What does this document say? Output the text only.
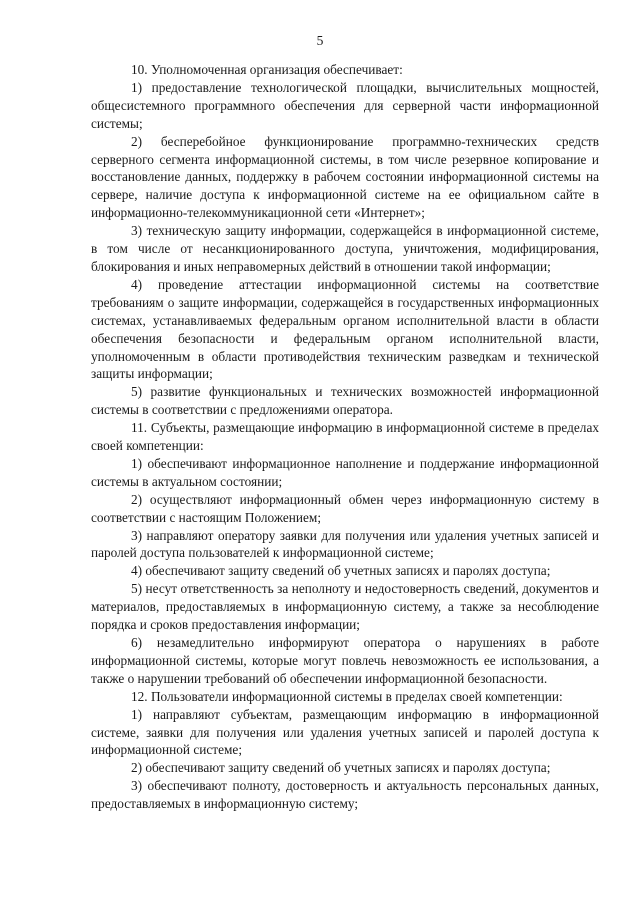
5

10. Уполномоченная организация обеспечивает:

1) предоставление технологической площадки, вычислительных мощностей, общесистемного программного обеспечения для серверной части информационной системы;

2) бесперебойное функционирование программно-технических средств серверного сегмента информационной системы, в том числе резервное копирование и восстановление данных, поддержку в рабочем состоянии информационной системы на сервере, наличие доступа к информационной системе на ее официальном сайте в информационно-телекоммуникационной сети «Интернет»;

3) техническую защиту информации, содержащейся в информационной системе, в том числе от несанкционированного доступа, уничтожения, модифицирования, блокирования и иных неправомерных действий в отношении такой информации;

4) проведение аттестации информационной системы на соответствие требованиям о защите информации, содержащейся в государственных информационных системах, устанавливаемых федеральным органом исполнительной власти в области обеспечения безопасности и федеральным органом исполнительной власти, уполномоченным в области противодействия техническим разведкам и технической защиты информации;

5) развитие функциональных и технических возможностей информационной системы в соответствии с предложениями оператора.

11. Субъекты, размещающие информацию в информационной системе в пределах своей компетенции:

1) обеспечивают информационное наполнение и поддержание информационной системы в актуальном состоянии;

2) осуществляют информационный обмен через информационную систему в соответствии с настоящим Положением;

3) направляют оператору заявки для получения или удаления учетных записей и паролей доступа пользователей к информационной системе;

4) обеспечивают защиту сведений об учетных записях и паролях доступа;

5) несут ответственность за неполноту и недостоверность сведений, документов и материалов, предоставляемых в информационную систему, а также за несоблюдение порядка и сроков предоставления информации;

6) незамедлительно информируют оператора о нарушениях в работе информационной системы, которые могут повлечь невозможность ее использования, а также о нарушении требований об обеспечении информационной безопасности.

12. Пользователи информационной системы в пределах своей компетенции:

1) направляют субъектам, размещающим информацию в информационной системе, заявки для получения или удаления учетных записей и паролей доступа к информационной системе;

2) обеспечивают защиту сведений об учетных записях и паролях доступа;

3) обеспечивают полноту, достоверность и актуальность персональных данных, предоставляемых в информационную систему;
